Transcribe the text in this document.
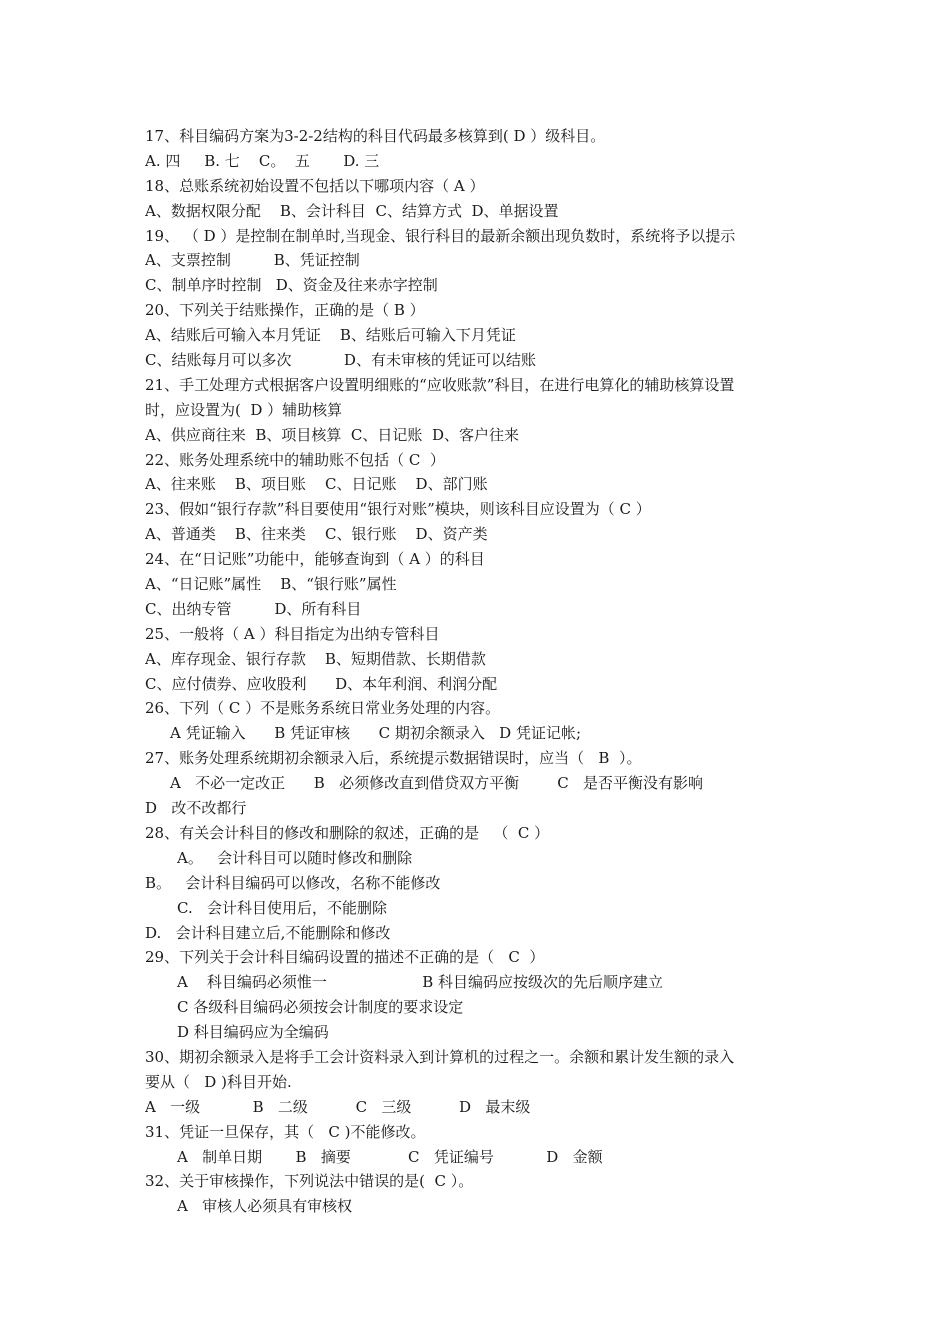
17、科目编码方案为3-2-2结构的科目代码最多核算到( D ）级科目。
A. 四     B. 七    C。  五       D. 三
18、总账系统初始设置不包括以下哪项内容（ A ）
A、数据权限分配    B、会计科目  C、结算方式  D、单据设置
19、 （ D ）是控制在制单时,当现金、银行科目的最新余额出现负数时，系统将予以提示
A、支票控制         B、凭证控制
C、制单序时控制   D、资金及往来赤字控制
20、下列关于结账操作，正确的是（ B ）
A、结账后可输入本月凭证    B、结账后可输入下月凭证
C、结账每月可以多次           D、有未审核的凭证可以结账
21、手工处理方式根据客户设置明细账的“应收账款”科目，在进行电算化的辅助核算设置
时，应设置为(  D ）辅助核算
A、供应商往来  B、项目核算  C、日记账  D、客户往来
22、账务处理系统中的辅助账不包括（ C  ）
A、往来账    B、项目账    C、日记账    D、部门账
23、假如“银行存款”科目要使用“银行对账”模块，则该科目应设置为（ C ）
A、普通类    B、往来类    C、银行账    D、资产类
24、在“日记账”功能中，能够查询到（ A ）的科目
A、“日记账”属性    B、“银行账”属性
C、出纳专管         D、所有科目
25、一般将（ A ）科目指定为出纳专管科目
A、库存现金、银行存款    B、短期借款、长期借款
C、应付债券、应收股利      D、本年利润、利润分配
26、下列（ C ）不是账务系统日常业务处理的内容。
A 凭证输入      B 凭证审核      C 期初余额录入   D 凭证记帐;
27、账务处理系统期初余额录入后，系统提示数据错误时，应当（   B  ）。
A   不必一定改正      B   必须修改直到借贷双方平衡        C   是否平衡没有影响
D   改不改都行
28、有关会计科目的修改和删除的叙述，正确的是   （  C ）
A。   会计科目可以随时修改和删除
B。   会计科目编码可以修改，名称不能修改
C.   会计科目使用后，不能删除
D.   会计科目建立后,不能删除和修改
29、下列关于会计科目编码设置的描述不正确的是（   C  ）
A    科目编码必须惟一                    B 科目编码应按级次的先后顺序建立
C 各级科目编码必须按会计制度的要求设定
D 科目编码应为全编码
30、期初余额录入是将手工会计资料录入到计算机的过程之一。余额和累计发生额的录入
要从（   D )科目开始.
A   一级           B   二级          C   三级          D   最末级
31、凭证一旦保存，其（   C )不能修改。
A   制单日期       B   摘要            C   凭证编号           D   金额
32、关于审核操作，下列说法中错误的是(  C ）。
A   审核人必须具有审核权
